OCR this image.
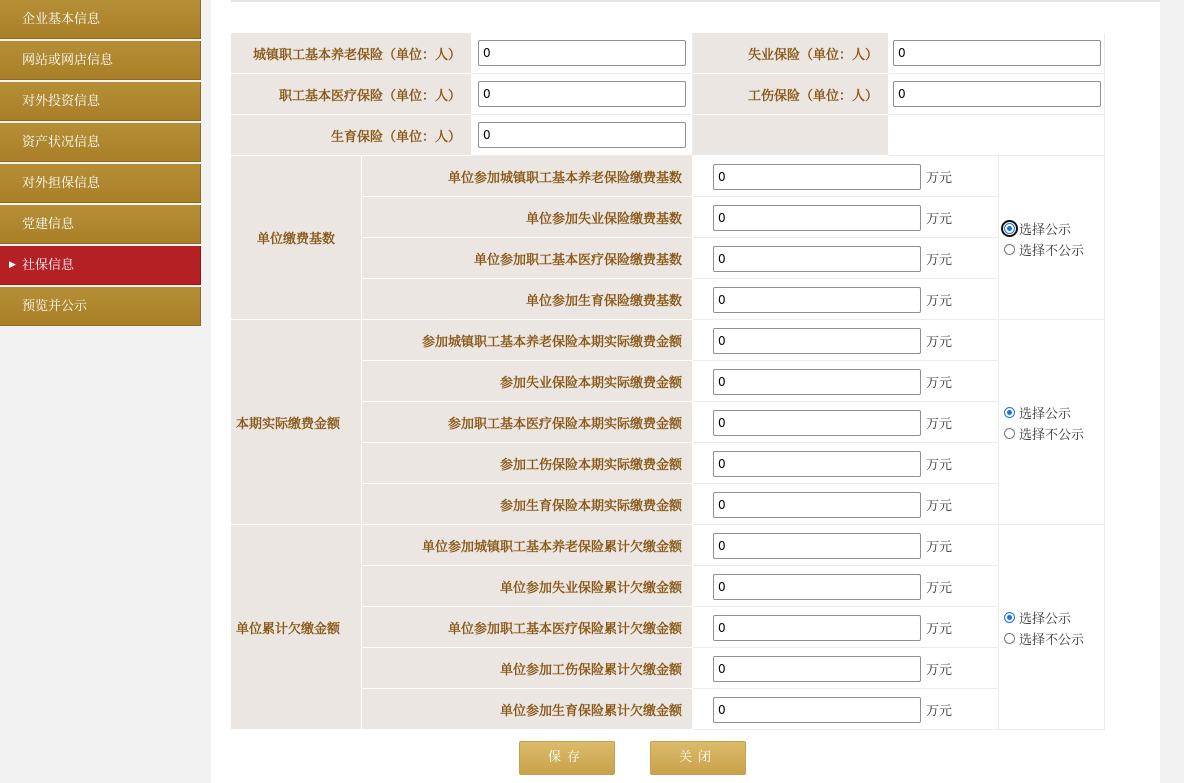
企业基本信息
网站或网店信息
对外投资信息
资产状况信息
对外担保信息
党建信息
▶ 社保信息
预览并公示
城镇职工基本养老保险（单位：人）	0	失业保险（单位：人）	0
职工基本医疗保险（单位：人）	0	工伤保险（单位：人）	0
生育保险（单位：人）	0
单位缴费基数
单位参加城镇职工基本养老保险缴费基数	0	万元
单位参加失业保险缴费基数	0	万元
单位参加职工基本医疗保险缴费基数	0	万元
单位参加生育保险缴费基数	0	万元
选择公示
选择不公示
本期实际缴费金额
参加城镇职工基本养老保险本期实际缴费金额	0	万元
参加失业保险本期实际缴费金额	0	万元
参加职工基本医疗保险本期实际缴费金额	0	万元
参加工伤保险本期实际缴费金额	0	万元
参加生育保险本期实际缴费金额	0	万元
选择公示
选择不公示
单位累计欠缴金额
单位参加城镇职工基本养老保险累计欠缴金额	0	万元
单位参加失业保险累计欠缴金额	0	万元
单位参加职工基本医疗保险累计欠缴金额	0	万元
单位参加工伤保险累计欠缴金额	0	万元
单位参加生育保险累计欠缴金额	0	万元
选择公示
选择不公示
保存	关闭
